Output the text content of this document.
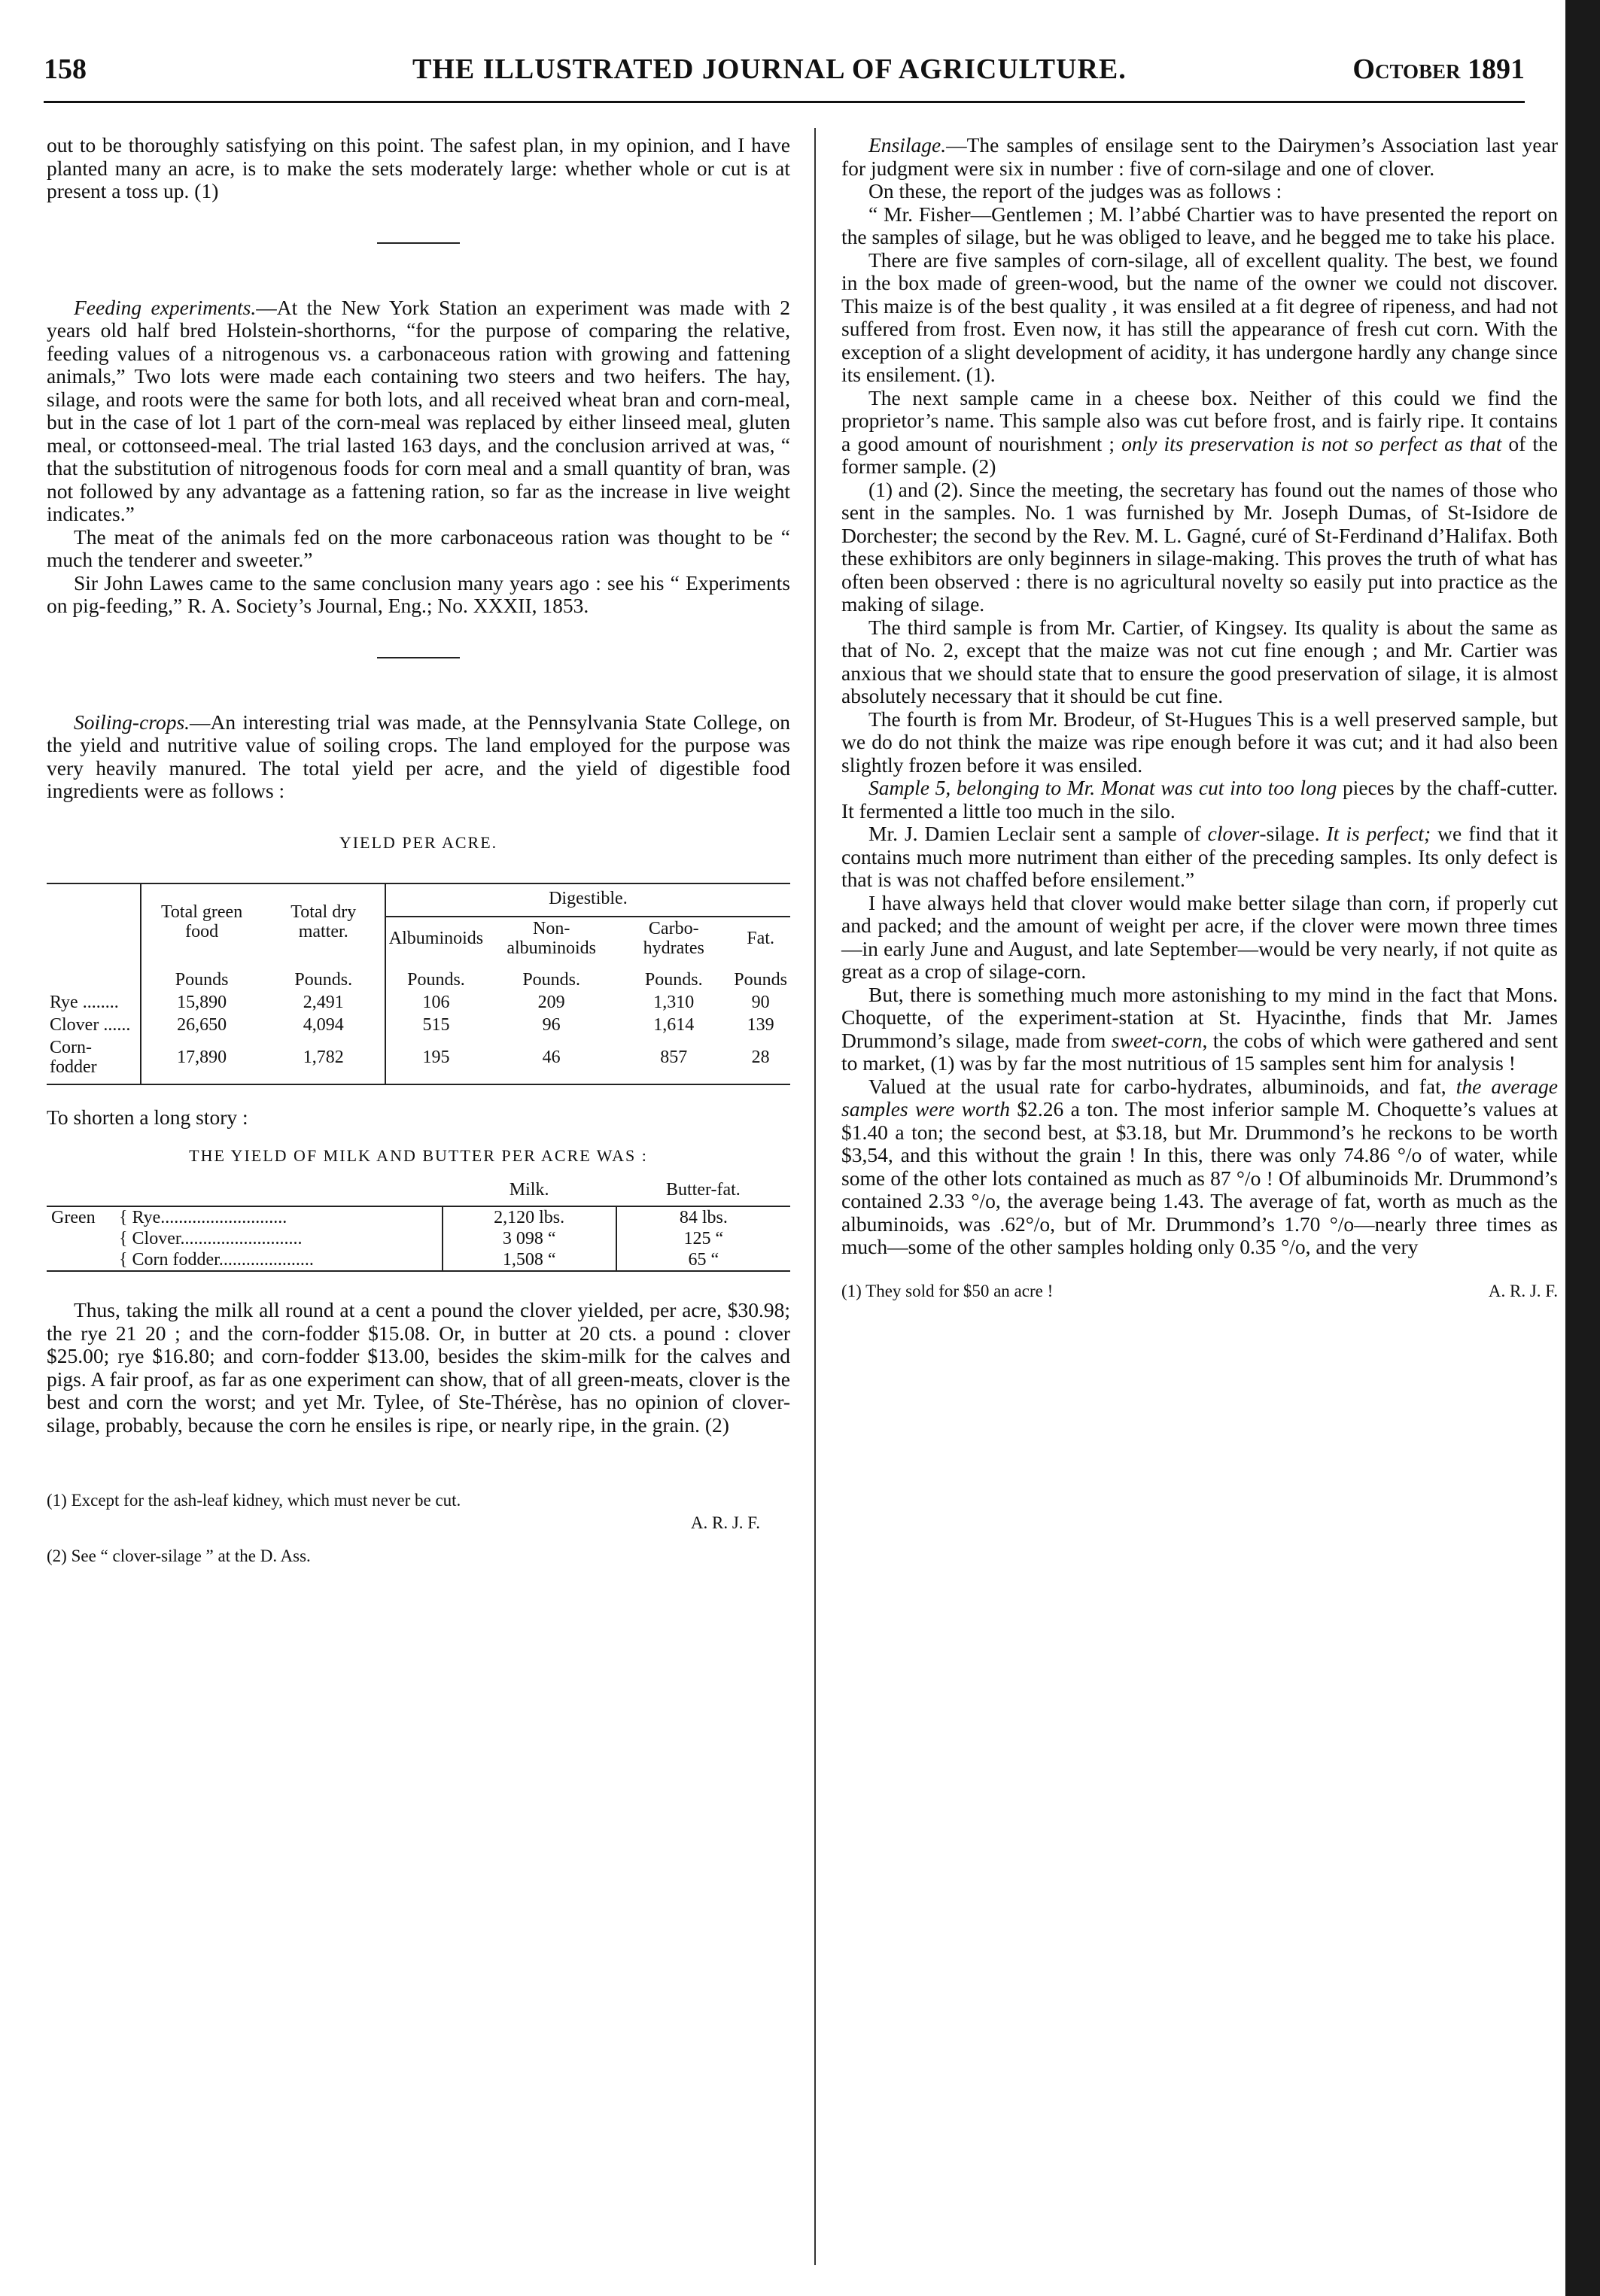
158	THE ILLUSTRATED JOURNAL OF AGRICULTURE.	October 1891

out to be thoroughly satisfying on this point. The safest plan, in my opinion, and I have planted many an acre, is to make the sets moderately large: whether whole or cut is at present a toss up. (1)

Feeding experiments.—At the New York Station an experiment was made with 2 years old half bred Holstein-shorthorns, “for the purpose of comparing the relative, feeding values of a nitrogenous vs. a carbonaceous ration with growing and fattening animals,” Two lots were made each containing two steers and two heifers. The hay, silage, and roots were the same for both lots, and all received wheat bran and corn-meal, but in the case of lot 1 part of the corn-meal was replaced by either linseed meal, gluten meal, or cottonseed-meal. The trial lasted 163 days, and the conclusion arrived at was, “ that the substitution of nitrogenous foods for corn meal and a small quantity of bran, was not followed by any advantage as a fattening ration, so far as the increase in live weight indicates.”

The meat of the animals fed on the more carbonaceous ration was thought to be “ much the tenderer and sweeter.”

Sir John Lawes came to the same conclusion many years ago : see his “ Experiments on pig-feeding,” R. A. Society’s Journal, Eng.; No. XXXII, 1853.

Soiling-crops.—An interesting trial was made, at the Pennsylvania State College, on the yield and nutritive value of soiling crops. The land employed for the purpose was very heavily manured. The total yield per acre, and the yield of digestible food ingredients were as follows :

YIELD PER ACRE.
	Total green food	Total dry matter.	Digestible.			
			Albuminoids	Non-albuminoids	Carbo-hydrates	Fat.
	Pounds	Pounds.	Pounds.	Pounds.	Pounds.	Pounds
Rye ........	15,890	2,491	106	209	1,310	90
Clover ......	26,650	4,094	515	96	1,614	139
Corn-fodder	17,890	1,782	195	46	857	28

To shorten a long story :

THE YIELD OF MILK AND BUTTER PER ACRE WAS :
	Milk.	Butter-fat.
Green { Rye............................	2,120 lbs.	84 lbs.
{ Clover...........................	3 098 “	125 “
{ Corn fodder.....................	1,508 “	65 “

Thus, taking the milk all round at a cent a pound the clover yielded, per acre, $30.98; the rye 21 20 ; and the corn-fodder $15.08. Or, in butter at 20 cts. a pound : clover $25.00; rye $16.80; and corn-fodder $13.00, besides the skim-milk for the calves and pigs. A fair proof, as far as one experiment can show, that of all green-meats, clover is the best and corn the worst; and yet Mr. Tylee, of Ste-Thérèse, has no opinion of clover-silage, probably, because the corn he ensiles is ripe, or nearly ripe, in the grain. (2)

(1) Except for the ash-leaf kidney, which must never be cut.
A. R. J. F.
(2) See “ clover-silage ” at the D. Ass.

Ensilage.—The samples of ensilage sent to the Dairymen’s Association last year for judgment were six in number : five of corn-silage and one of clover.

On these, the report of the judges was as follows :

“ Mr. Fisher—Gentlemen ; M. l’abbé Chartier was to have presented the report on the samples of silage, but he was obliged to leave, and he begged me to take his place.

There are five samples of corn-silage, all of excellent quality. The best, we found in the box made of green-wood, but the name of the owner we could not discover. This maize is of the best quality , it was ensiled at a fit degree of ripeness, and had not suffered from frost. Even now, it has still the appearance of fresh cut corn. With the exception of a slight development of acidity, it has undergone hardly any change since its ensilement. (1).

The next sample came in a cheese box. Neither of this could we find the proprietor’s name. This sample also was cut before frost, and is fairly ripe. It contains a good amount of nourishment ; only its preservation is not so perfect as that of the former sample. (2)

(1) and (2). Since the meeting, the secretary has found out the names of those who sent in the samples. No. 1 was furnished by Mr. Joseph Dumas, of St-Isidore de Dorchester; the second by the Rev. M. L. Gagné, curé of St-Ferdinand d’Halifax. Both these exhibitors are only beginners in silage-making. This proves the truth of what has often been observed : there is no agricultural novelty so easily put into practice as the making of silage.

The third sample is from Mr. Cartier, of Kingsey. Its quality is about the same as that of No. 2, except that the maize was not cut fine enough ; and Mr. Cartier was anxious that we should state that to ensure the good preservation of silage, it is almost absolutely necessary that it should be cut fine.

The fourth is from Mr. Brodeur, of St-Hugues This is a well preserved sample, but we do do not think the maize was ripe enough before it was cut; and it had also been slightly frozen before it was ensiled.

Sample 5, belonging to Mr. Monat was cut into too long pieces by the chaff-cutter. It fermented a little too much in the silo.

Mr. J. Damien Leclair sent a sample of clover-silage. It is perfect; we find that it contains much more nutriment than either of the preceding samples. Its only defect is that is was not chaffed before ensilement.”

I have always held that clover would make better silage than corn, if properly cut and packed; and the amount of weight per acre, if the clover were mown three times—in early June and August, and late September—would be very nearly, if not quite as great as a crop of silage-corn.

But, there is something much more astonishing to my mind in the fact that Mons. Choquette, of the experiment-station at St. Hyacinthe, finds that Mr. James Drummond’s silage, made from sweet-corn, the cobs of which were gathered and sent to market, (1) was by far the most nutritious of 15 samples sent him for analysis !

Valued at the usual rate for carbo-hydrates, albuminoids, and fat, the average samples were worth $2.26 a ton. The most inferior sample M. Choquette’s values at $1.40 a ton; the second best, at $3.18, but Mr. Drummond’s he reckons to be worth $3,54, and this without the grain ! In this, there was only 74.86 °/o of water, while some of the other lots contained as much as 87 °/o ! Of albuminoids Mr. Drummond’s contained 2.33 °/o, the average being 1.43. The average of fat, worth as much as the albuminoids, was .62°/o, but of Mr. Drummond’s 1.70 °/o—nearly three times as much—some of the other samples holding only 0.35 °/o, and the very

(1) They sold for $50 an acre !	A. R. J. F.
